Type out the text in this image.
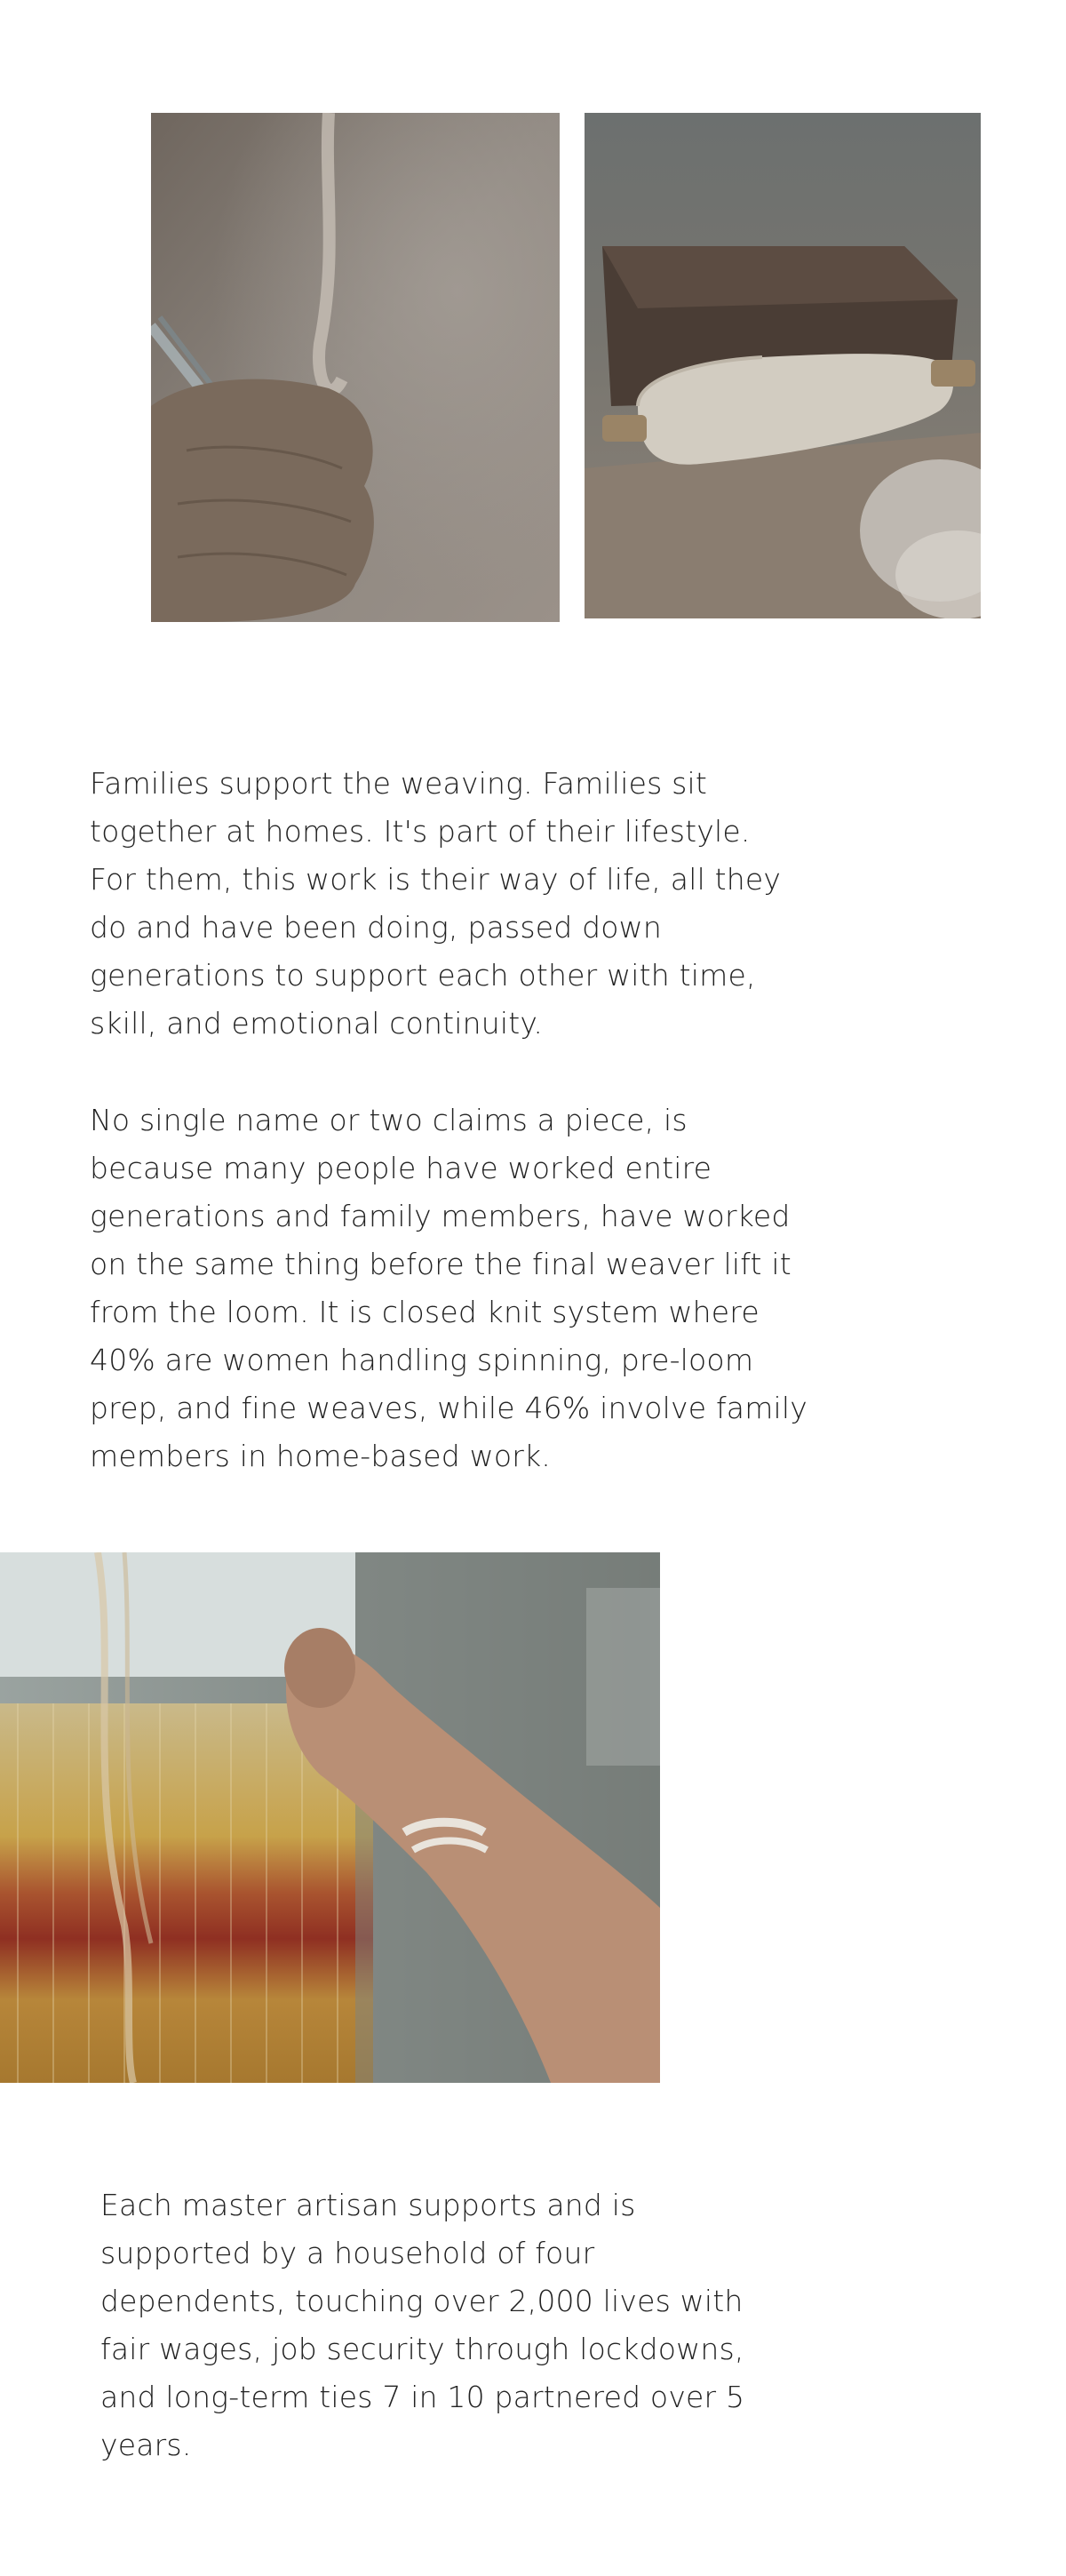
Families support the weaving. Families sit
together at homes. It's part of their lifestyle.
For them, this work is their way of life, all they
do and have been doing, passed down
generations to support each other with time,
skill, and emotional continuity.

No single name or two claims a piece, is
because many people have worked entire
generations and family members, have worked
on the same thing before the final weaver lift it
from the loom. It is closed knit system where
40% are women handling spinning, pre-loom
prep, and fine weaves, while 46% involve family
members in home-based work.

Each master artisan supports and is
supported by a household of four
dependents, touching over 2,000 lives with
fair wages, job security through lockdowns,
and long-term ties 7 in 10 partnered over 5
years.
